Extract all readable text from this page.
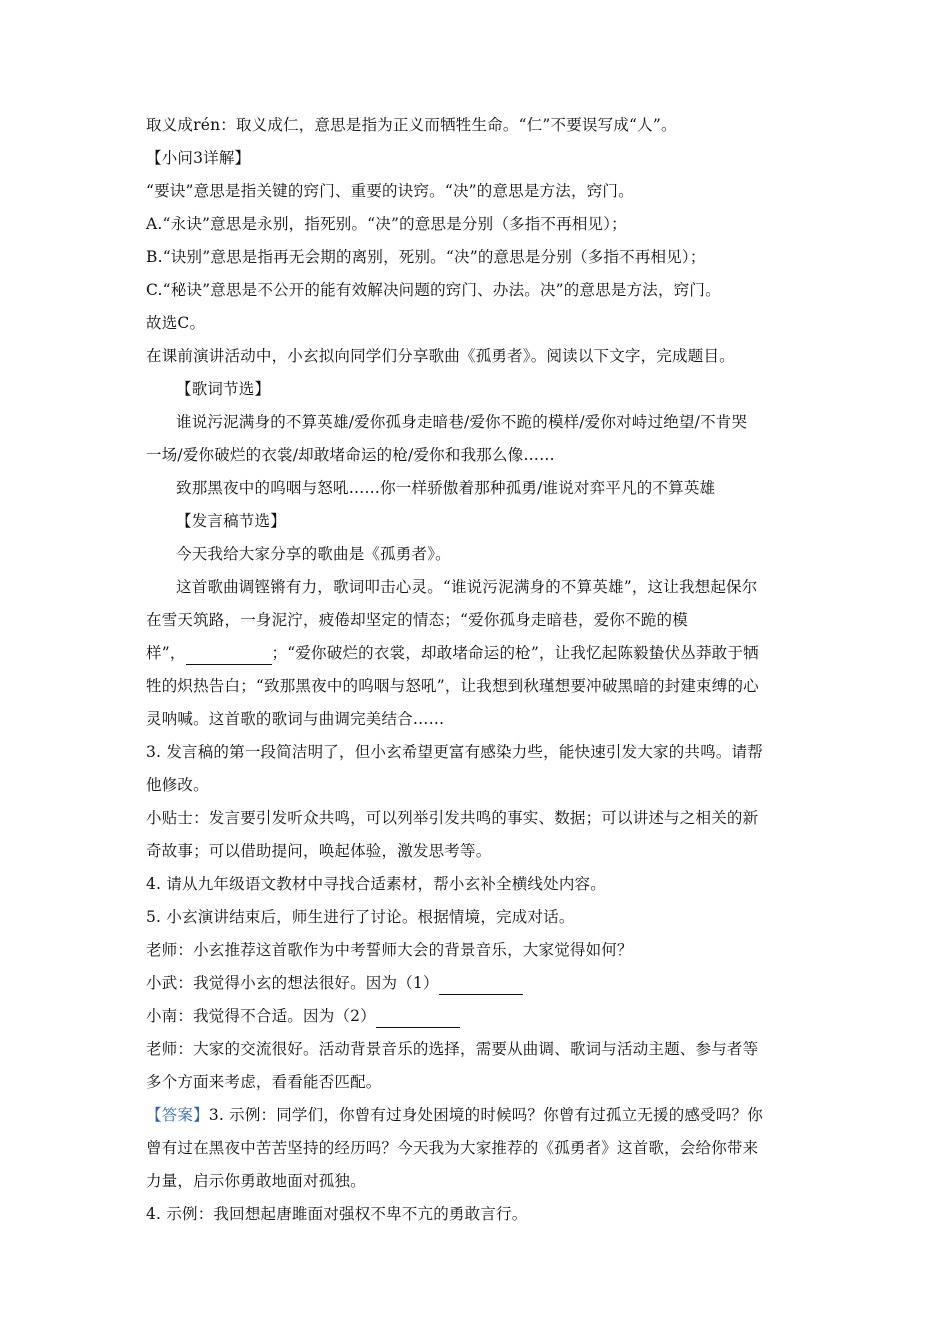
取义成rén：取义成仁，意思是指为正义而牺牲生命。“仁”不要误写成“人”。
【小问3详解】
“要诀”意思是指关键的窍门、重要的诀窍。“决”的意思是方法，窍门。
A.“永诀”意思是永别，指死别。“决”的意思是分别（多指不再相见）；
B.“诀别”意思是指再无会期的离别，死别。“决”的意思是分别（多指不再相见）；
C.“秘诀”意思是不公开的能有效解决问题的窍门、办法。决”的意思是方法，窍门。
故选C。
在课前演讲活动中，小玄拟向同学们分享歌曲《孤勇者》。阅读以下文字，完成题目。
【歌词节选】
谁说污泥满身的不算英雄/爱你孤身走暗巷/爱你不跪的模样/爱你对峙过绝望/不肯哭
一场/爱你破烂的衣裳/却敢堵命运的枪/爱你和我那么像……
致那黑夜中的呜咽与怒吼……你一样骄傲着那种孤勇/谁说对弈平凡的不算英雄
【发言稿节选】
今天我给大家分享的歌曲是《孤勇者》。
这首歌曲调铿锵有力，歌词叩击心灵。“谁说污泥满身的不算英雄”，这让我想起保尔
在雪天筑路，一身泥泞，疲倦却坚定的情态；“爱你孤身走暗巷，爱你不跪的模
样”，	；“爱你破烂的衣裳，却敢堵命运的枪”，让我忆起陈毅蛰伏丛莽敢于牺
牲的炽热告白；“致那黑夜中的呜咽与怒吼”，让我想到秋瑾想要冲破黑暗的封建束缚的心
灵呐喊。这首歌的歌词与曲调完美结合……
3. 发言稿的第一段简洁明了，但小玄希望更富有感染力些，能快速引发大家的共鸣。请帮
他修改。
小贴士：发言要引发听众共鸣，可以列举引发共鸣的事实、数据；可以讲述与之相关的新
奇故事；可以借助提问，唤起体验，激发思考等。
4. 请从九年级语文教材中寻找合适素材，帮小玄补全横线处内容。
5. 小玄演讲结束后，师生进行了讨论。根据情境，完成对话。
老师：小玄推荐这首歌作为中考誓师大会的背景音乐，大家觉得如何？
小武：我觉得小玄的想法很好。因为（1）
小南：我觉得不合适。因为（2）
老师：大家的交流很好。活动背景音乐的选择，需要从曲调、歌词与活动主题、参与者等
多个方面来考虑，看看能否匹配。
【答案】3. 示例：同学们，你曾有过身处困境的时候吗？你曾有过孤立无援的感受吗？你
曾有过在黑夜中苦苦坚持的经历吗？今天我为大家推荐的《孤勇者》这首歌，会给你带来
力量，启示你勇敢地面对孤独。
4. 示例：我回想起唐雎面对强权不卑不亢的勇敢言行。
